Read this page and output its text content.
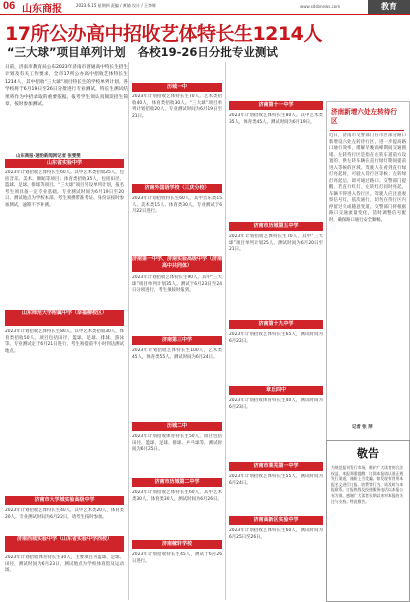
06 山东商报	2023.6.15 星期四 责编 / 黄婧 设计 / 王李辉	www.sdsbnews.com	教育
17所公办高中招收艺体特长生1214人
“三大球”项目单列计划 各校19-26日分批专业测试
日前，济南市教育局公布2023年济南市普通高中特长生招生计划及有关工作要求，全市17所公办高中招收艺体特长生1214人，其中招收“三大球”项目特长生的学校单列计划。各学校将于6月19日至26日分批进行专业测试，特长生测试结果将作为中招录取的重要依据。报考学生须认真阅读招生简章，按时参加测试。
山东商报·速豹新闻网记者 张雯雯
山东省实验中学
2023年计划招收艺体特长生60人。其中艺术类招收25人，包括音乐、美术、舞蹈等项目；体育类招收35人，包括田径、篮球、足球、排球等项目。“三大球”项目另设单列计划，报名考生须具备一定专业基础。专业测试时间为6月19日至20日，测试地点为学校本部，考生须携带准考证、身份证按时参加测试，逾期不予补测。
山东师范大学附属中学（幸福柳校区）
2023年计划招收艺体特长生80人。其中艺术类招收30人，体育类招收50人，项目包括田径、篮球、足球、排球、游泳等。专业测试定于6月21日进行，考生须提前半小时到达测试地点。
济南市大学城实验高级中学
2023年计划招收艺体特长生40人，其中艺术类20人，体育类20人。专业测试时间为6月22日，请考生按时参加。
济南西城实验中学（山东省实验中学西校）
2023年计划招收体育特长生30人，主要项目为篮球、足球、田径，测试时间为6月23日，测试地点为学校体育馆及运动场。
历城一中
2023年计划招收艺体特长生70人。艺术类招收40人，体育类招收30人。“三大球”项目单列计划招收20人，专业测试时间为6月19日至21日。
济南外国语学校（三庆分校）
2023年计划招收特长生60人，其中音乐类15人、美术类15人、体育类30人。专业测试于6月22日进行。
济南第一中学、济南实验高级中学（济南高中共同体）
2023年计划招收艺体特长生90人，其中“三大球”项目单列计划35人。测试于6月23日至24日分项进行，考生须按时报到。
济南第三中学
2023年计划招收艺体特长生100人，艺术类45人，体育类55人。测试时间为6月24日。
历城二中
2023年计划招收体育特长生50人，项目包括田径、篮球、足球、排球、乒乓球等，测试时间为6月25日。
济南市历城第二中学
2023年计划招收艺体特长生60人，其中艺术类30人，体育类30人，测试时间为6月26日。
济南稼轩学校
2023年计划招收特长生45人，测试于6月26日进行。
济南第十一中学
2023年计划招收艺体特长生80人。其中艺术类35人，体育类45人。测试时间为6月19日。
济南市历城第五中学
2023年计划招收艺体特长生70人，其中“三大球”项目单列计划25人，测试时间为6月20日至21日。
济南第十九中学
2023年计划招收艺体特长生65人，测试时间为6月22日。
章丘四中
2023年计划招收体育特长生40人，测试时间为6月23日。
济南市莱芜第一中学
2023年计划招收艺体特长生55人，测试时间为6月24日。
济南高新区实验中学
2023年计划招收艺体特长生60人，测试时间为6月25日至26日。
济南新增六处左转待行区
近日，济南市交警部门在市区部分路口新增设六处左转待行区，进一步提高路口通行效率，缓解早晚高峰期间交通拥堵。左转待行区是指在左转车道前方设置的、供左转车辆在直行绿灯期间提前进入等候的区域。驾驶人在看到直行绿灯亮起时，可驶入待行区等候；左转绿灯亮起后，即可通过路口。交警部门提醒，若直行红灯、左转红灯同时亮起，车辆不得进入待行区。驾驶人应注意观察信号灯，依次通行，切勿在待行区内停留过久或随意变道。交警部门将根据路口交通流量变化，适时调整信号配时，确保路口通行安全顺畅。
记者 张 萍
敬告
为规范报刊发行市场，维护广大读者的合法权益，本报郑重提醒：订阅本报请认准正规发行渠道，谨防上当受骗。如发现有冒用本报名义进行订报、收费等行为，请及时与本报联系。订报热线及投递服务电话以本报公布为准。感谢广大读者长期以来对本报的关注与支持。特此敬告。
